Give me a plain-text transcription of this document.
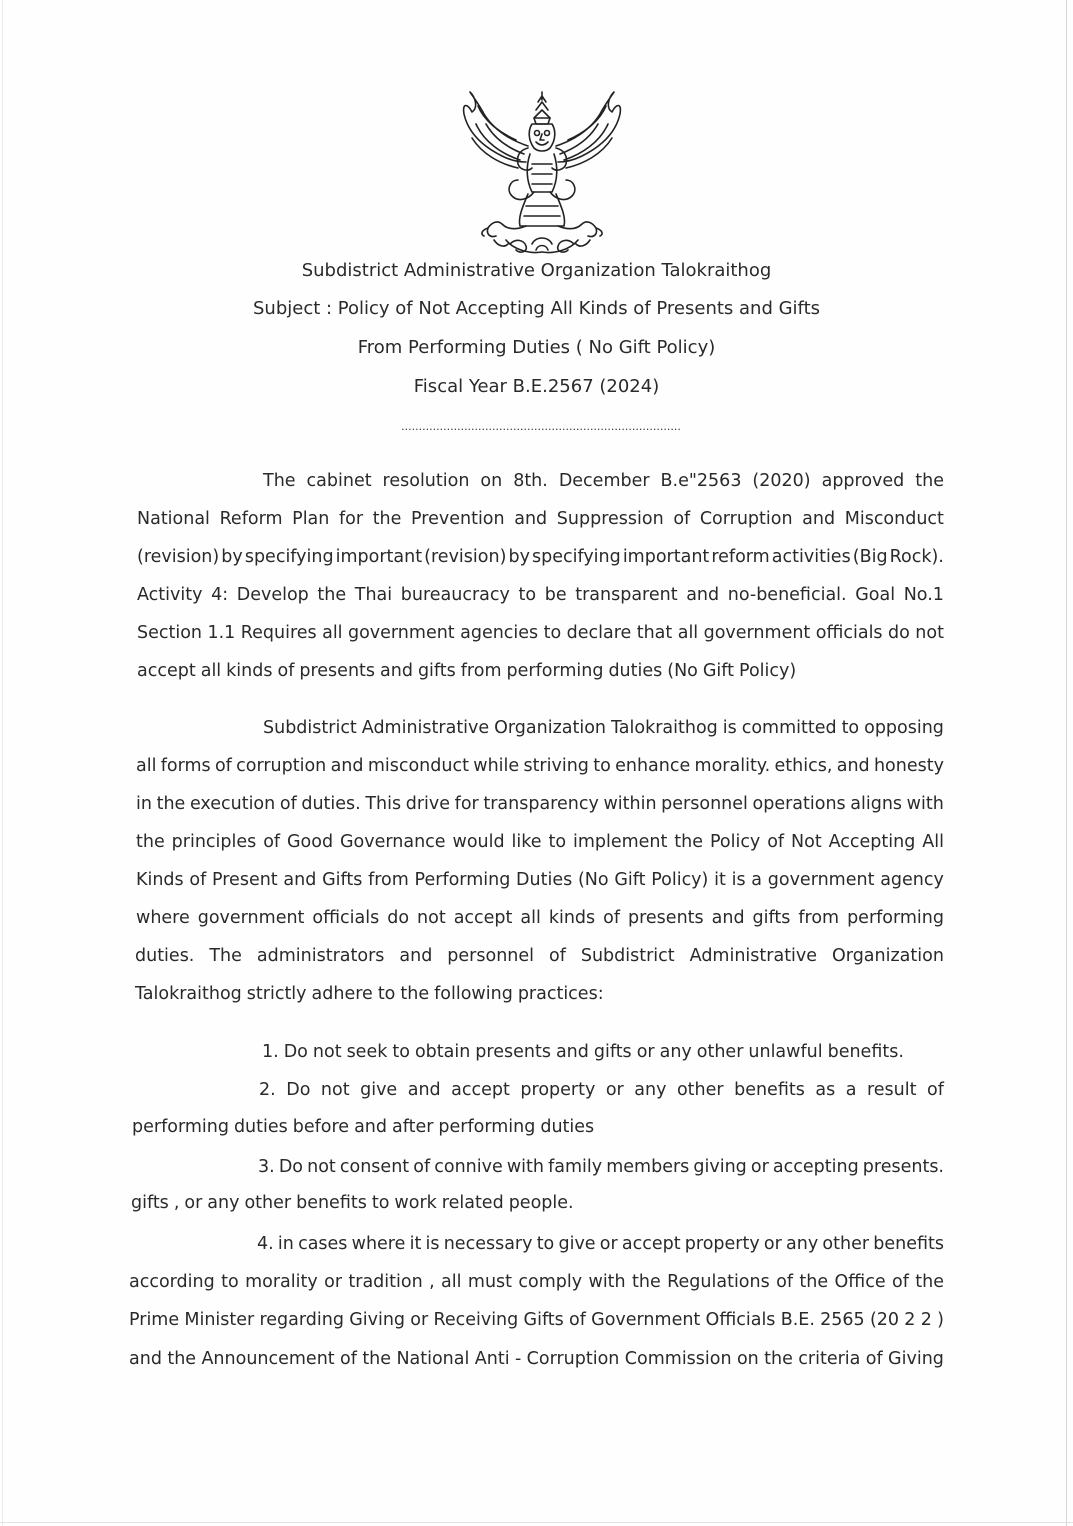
Subdistrict Administrative Organization Talokraithog
Subject : Policy of Not Accepting All Kinds of Presents and Gifts
From Performing Duties ( No Gift Policy)
Fiscal Year B.E.2567 (2024)
................................................................................
The cabinet resolution on 8th. December B.e"2563 (2020) approved the
National Reform Plan for the Prevention and Suppression of Corruption and Misconduct
(revision) by specifying important (revision) by specifying important reform activities (Big Rock).
Activity 4: Develop the Thai bureaucracy to be transparent and no-beneficial. Goal No.1
Section 1.1 Requires all government agencies to declare that all government officials do not
accept all kinds of presents and gifts from performing duties (No Gift Policy)
Subdistrict Administrative Organization Talokraithog is committed to opposing
all forms of corruption and misconduct while striving to enhance morality. ethics, and honesty
in the execution of duties. This drive for transparency within personnel operations aligns with
the principles of Good Governance would like to implement the Policy of Not Accepting All
Kinds of Present and Gifts from Performing Duties (No Gift Policy) it is a government agency
where government officials do not accept all kinds of presents and gifts from performing
duties. The administrators and personnel of Subdistrict Administrative Organization
Talokraithog strictly adhere to the following practices:
1. Do not seek to obtain presents and gifts or any other unlawful benefits.
2. Do not give and accept property or any other benefits as a result of
performing duties before and after performing duties
3. Do not consent of connive with family members giving or accepting presents.
gifts , or any other benefits to work related people.
4. in cases where it is necessary to give or accept property or any other benefits
according to morality or tradition , all must comply with the Regulations of the Office of the
Prime Minister regarding Giving or Receiving Gifts of Government Officials B.E. 2565 (20 2 2 )
and the Announcement of the National Anti - Corruption Commission on the criteria of Giving
